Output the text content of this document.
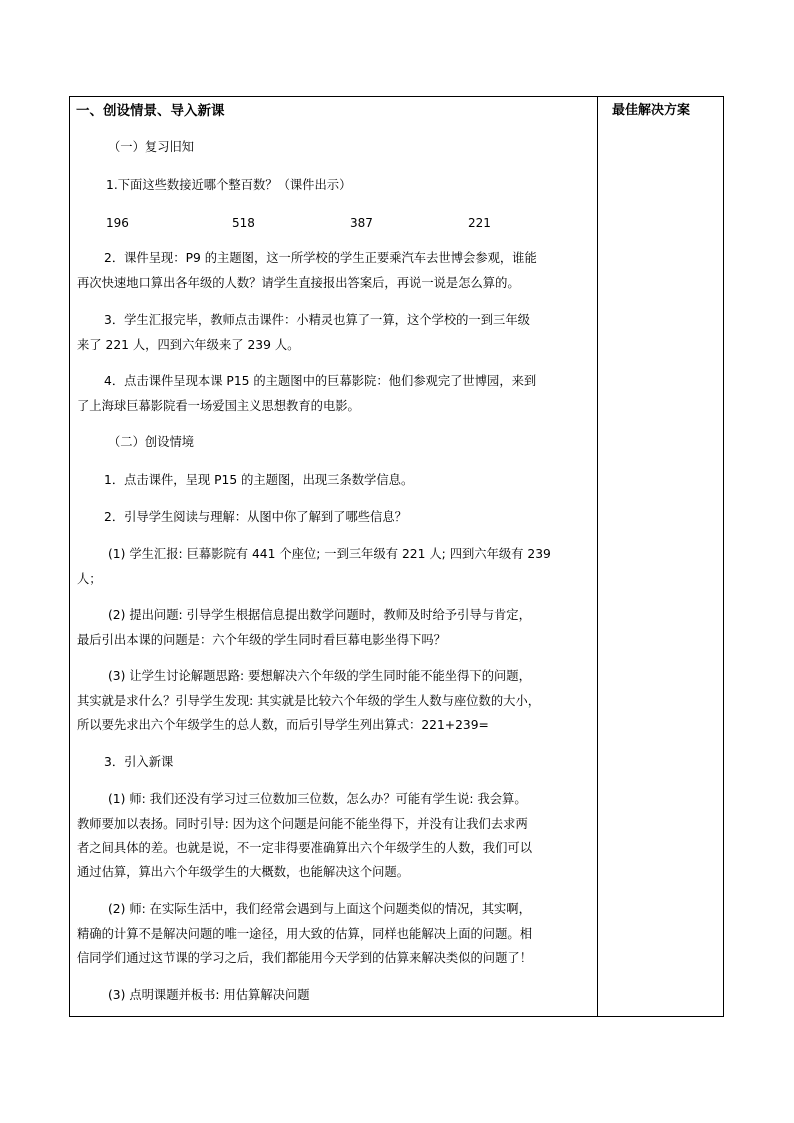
一、创设情景、导入新课
（一）复习旧知
1.下面这些数接近哪个整百数？（课件出示）
196	518	387	221
2．课件呈现：P9 的主题图，这一所学校的学生正要乘汽车去世博会参观，谁能
再次快速地口算出各年级的人数？请学生直接报出答案后，再说一说是怎么算的。
3．学生汇报完毕，教师点击课件：小精灵也算了一算，这个学校的一到三年级
来了 221 人，四到六年级来了 239 人。
4．点击课件呈现本课 P15 的主题图中的巨幕影院：他们参观完了世博园，来到
了上海球巨幕影院看一场爱国主义思想教育的电影。
（二）创设情境
1．点击课件，呈现 P15 的主题图，出现三条数学信息。
2．引导学生阅读与理解：从图中你了解到了哪些信息？
(1) 学生汇报: 巨幕影院有 441 个座位; 一到三年级有 221 人; 四到六年级有 239
人；
(2) 提出问题: 引导学生根据信息提出数学问题时，教师及时给予引导与肯定，
最后引出本课的问题是：六个年级的学生同时看巨幕电影坐得下吗？
(3) 让学生讨论解题思路: 要想解决六个年级的学生同时能不能坐得下的问题，
其实就是求什么？引导学生发现: 其实就是比较六个年级的学生人数与座位数的大小，
所以要先求出六个年级学生的总人数，而后引导学生列出算式：221+239=
3．引入新课
(1) 师: 我们还没有学习过三位数加三位数，怎么办？可能有学生说: 我会算。
教师要加以表扬。同时引导: 因为这个问题是问能不能坐得下，并没有让我们去求两
者之间具体的差。也就是说，不一定非得要准确算出六个年级学生的人数，我们可以
通过估算，算出六个年级学生的大概数，也能解决这个问题。
(2) 师: 在实际生活中，我们经常会遇到与上面这个问题类似的情况，其实啊，
精确的计算不是解决问题的唯一途径，用大致的估算，同样也能解决上面的问题。相
信同学们通过这节课的学习之后，我们都能用今天学到的估算来解决类似的问题了！
(3) 点明课题并板书: 用估算解决问题
最佳解决方案
